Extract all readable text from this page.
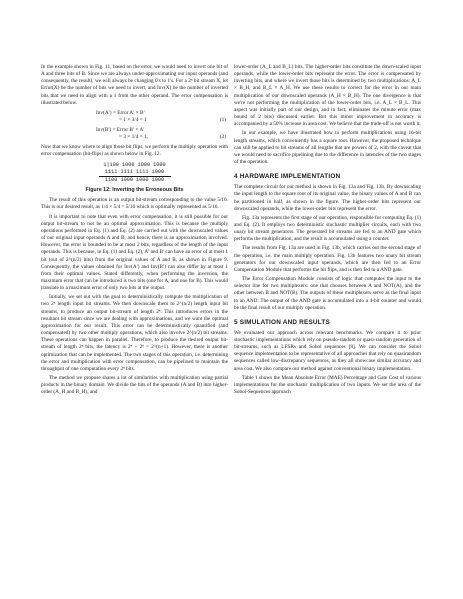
In the example shown in Fig. 11, based on the error, we would need to invert one bit of A and three bits of B. Since we are always under-approximating our input operands (and consequently, the result), we will always be changing 0's to 1's. For a 2ⁿ bit stream X, let Error(X) be the number of bits we need to invert, and Inv(X) be the number of inverted bits that we need to align with a 1 from the other operand. The error compensation is illustrated below.

Inv(A′) = Error A′ × B′
= 1 × 3/4 = 1	(1)
Inv(B′) = Error B′ × A′
= 3 × 1/4 = 1,	(2)

Now that we know where to align those bit flips, we perform the multiply operation with error compensation (bit-flips) as shown below in Fig. 12.

1|100 1000 1000 1000
1111 1111 1111 1000
1100 1000 1000 1000
Figure 12: Inverting the Erroneous Bits

The result of this operation is an output bit-stream corresponding to the value 5/16. This is our desired result, as 1/4 × 5/4 = 5/16 which is optimally represented as 5/16.

It is important to note that even with error compensation, it is still possible for our output bit-stream to not be an optimal approximation. This is because the multiply operations performed in Eq. (1) and Eq. (2) are carried out with the downscaled values of our original input operands A and B, and hence, there is an approximation involved. However, the error is bounded to be at most 2 bits, regardless of the length of the input operands. This is because, in Eq. (1) and Eq. (2), A′ and B′ can have an error of at most 1 bit (out of 2^(n/2) bits) from the original values of A and B, as shown in Figure 9. Consequently, the values obtained for Inv(A′) and Inv(B′) can also differ by at most 1 from their optimal values. Stated differently, when performing the inversion, the maximum error that can be introduced is two bits (one for A, and one for B). This would translate to a maximum error of only two bits at the output.

Initially, we set out with the goal to deterministically compute the multiplication of two 2ⁿ length input bit streams. We then downscale them to 2^(n/2) length input bit streams, to produce an output bit-stream of length 2ⁿ. This introduces errors in the resultant bit stream since we are dealing with approximations, and we want the optimal approximation for our result. This error can be deterministically quantified (and compensated) by two other multiply operations, which also involve 2^(n/2) bit streams. These operations can happen in parallel. Therefore, to produce the desired output bit-stream of length 2ⁿ bits, the latency is 2ⁿ + 2ⁿ = 2^(n+1). However, there is another optimization that can be implemented. The two stages of this operation, i.e. determining the error and multiplication with error compensation, can be pipelined to maintain the throughput of one computation every 2ⁿ bits.

The method we propose shares a lot of similarities with multiplication using partial products in the binary domain. We divide the bits of the operands (A and B) into higher-order (A_H and B_H), and

lower-order (A_L and B_L) bits. The higher-order bits constitute the down-scaled input operands, while the lower-order bits represent the error. The error is compensated by inverting bits, and where we invert those bits is determined by two multiplications: A_L × B_H, and B_L × A_H. We use these results to correct for the error in our main multiplication of our downscaled operands (A_H × B_H). The one divergence is that we're not performing the multiplication of the lower-order bits, i.e. A_L × B_L. This aspect was initially part of our design, and in fact, eliminates the minute error (max bound of 2 bits) discussed earlier. But this minor improvement in accuracy is accompanied by a 50% increase in area cost. We believe that the trade-off is not worth it.

In our example, we have illustrated how to perform multiplications using 16-bit length streams, which conveniently has a square root. However, the proposed technique can still be applied to bit streams of all lengths that are powers of 2, with the caveat that we would need to sacrifice pipelining due to the difference in latencies of the two stages of the operation.

4 HARDWARE IMPLEMENTATION

The complete circuit for our method is shown in Fig. 13a and Fig. 13b. By downscaling the input length to the square root of its original value, the binary values of A and B can be partitioned in half, as shown in the figure. The higher-order bits represent our downscaled operands, while the lower-order bits represent the error.

Fig. 13a represents the first stage of our operation, responsible for computing Eq. (1) and Eq. (2). It employs two deterministic stochastic multiplier circuits, each with two unary bit stream generators. The generated bit streams are fed to an AND gate which performs the multiplication, and the result is accumulated using a counter.

The results from Fig. 13a are used in Fig. 13b, which carries out the second stage of the operation, i.e. the main multiply operation. Fig. 13b features two unary bit stream generators for our downscaled input operands, which are then fed to an Error Compensation Module that performs the bit flips, and is then fed to a AND gate.

The Error Compensation Module consists of logic that computes the input to the selector line for two multiplexers: one that chooses between A and NOT(A), and the other between B and NOT(B). The outputs of these multiplexers serve as the final input to an AND. The output of the AND gate is accumulated into a 4-bit counter and would be the final result of our multiply operation.

5 SIMULATION AND RESULTS

We evaluated our approach across relevant benchmarks. We compare it to prior stochastic implementations which rely on pseudo-random or quasi-random generation of bit-streams, such as LFSRs and Sobol sequences [8]. We can consider the Sobol sequence implementation to be representative of all approaches that rely on quasirandom sequences called low-discrepancy sequences, as they all showcase similar accuracy and area cost. We also compare our method against conventional binary implementation.

Table 1 shows the Mean Absolute Error (MAE) Percentage and Gate Cost of various implementations for the stochastic multiplication of two inputs. We set the area of the Sobol-Sequences approach
